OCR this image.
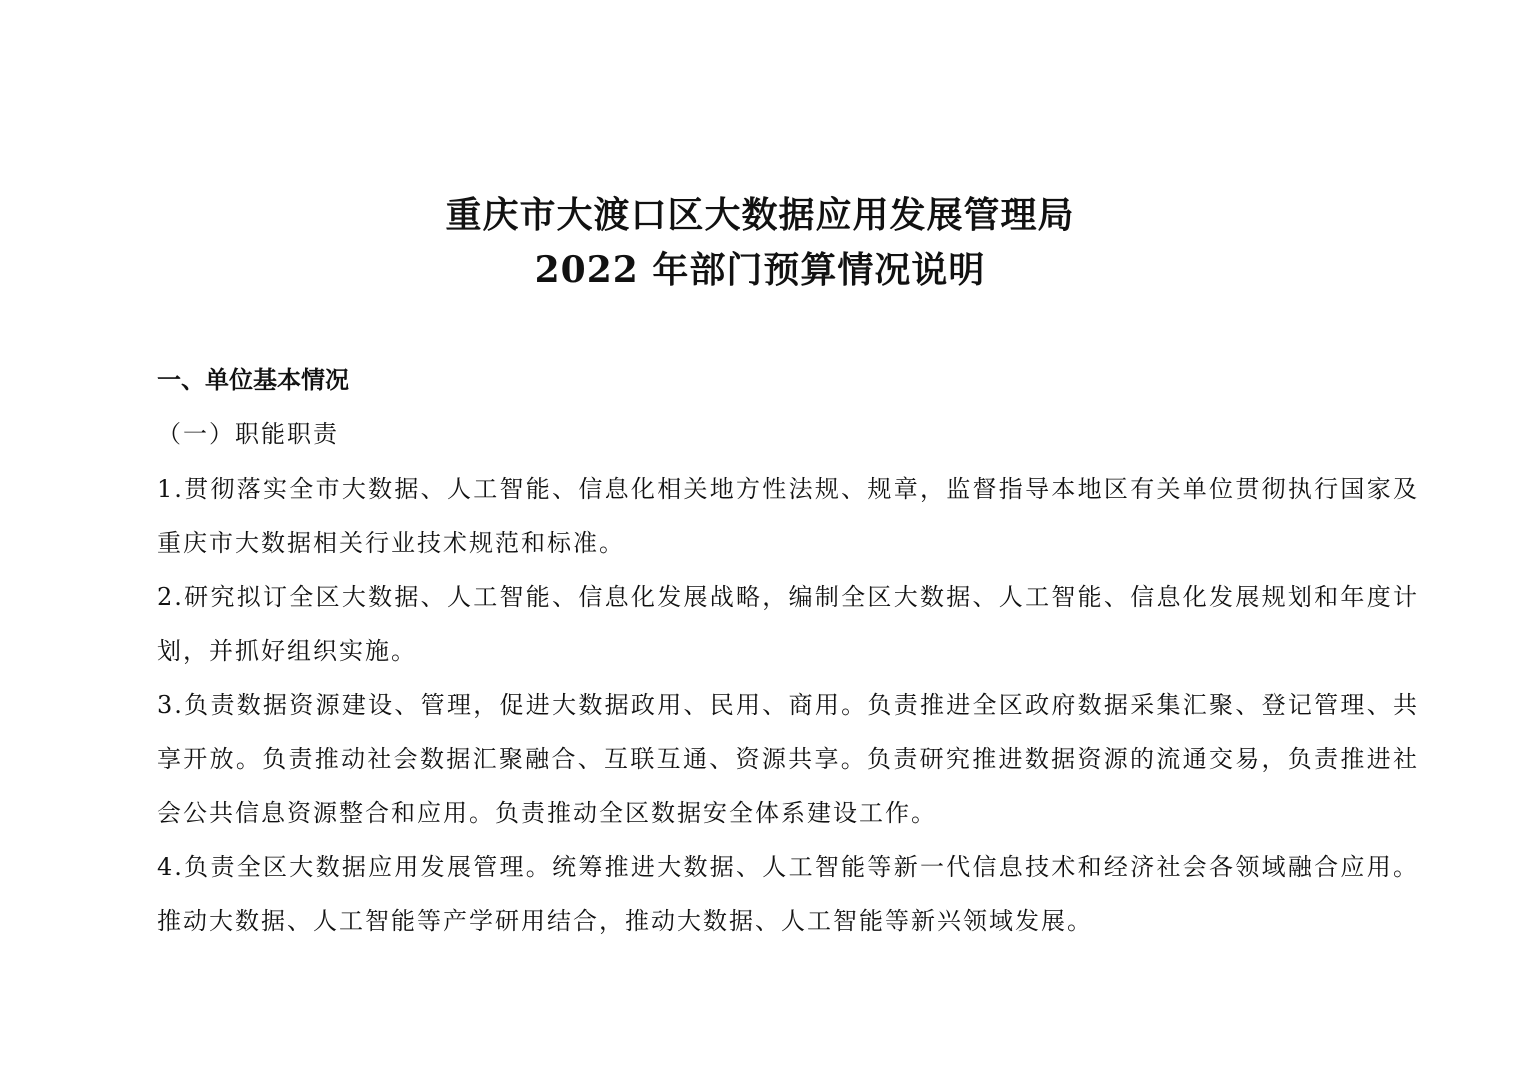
重庆市大渡口区大数据应用发展管理局
2022 年部门预算情况说明
一、单位基本情况
（一）职能职责

1.贯彻落实全市大数据、人工智能、信息化相关地方性法规、规章，监督指导本地区有关单位贯彻执行国家及重庆市大数据相关行业技术规范和标准。

2.研究拟订全区大数据、人工智能、信息化发展战略，编制全区大数据、人工智能、信息化发展规划和年度计划，并抓好组织实施。

3.负责数据资源建设、管理，促进大数据政用、民用、商用。负责推进全区政府数据采集汇聚、登记管理、共享开放。负责推动社会数据汇聚融合、互联互通、资源共享。负责研究推进数据资源的流通交易，负责推进社会公共信息资源整合和应用。负责推动全区数据安全体系建设工作。

4.负责全区大数据应用发展管理。统筹推进大数据、人工智能等新一代信息技术和经济社会各领域融合应用。推动大数据、人工智能等产学研用结合，推动大数据、人工智能等新兴领域发展。
